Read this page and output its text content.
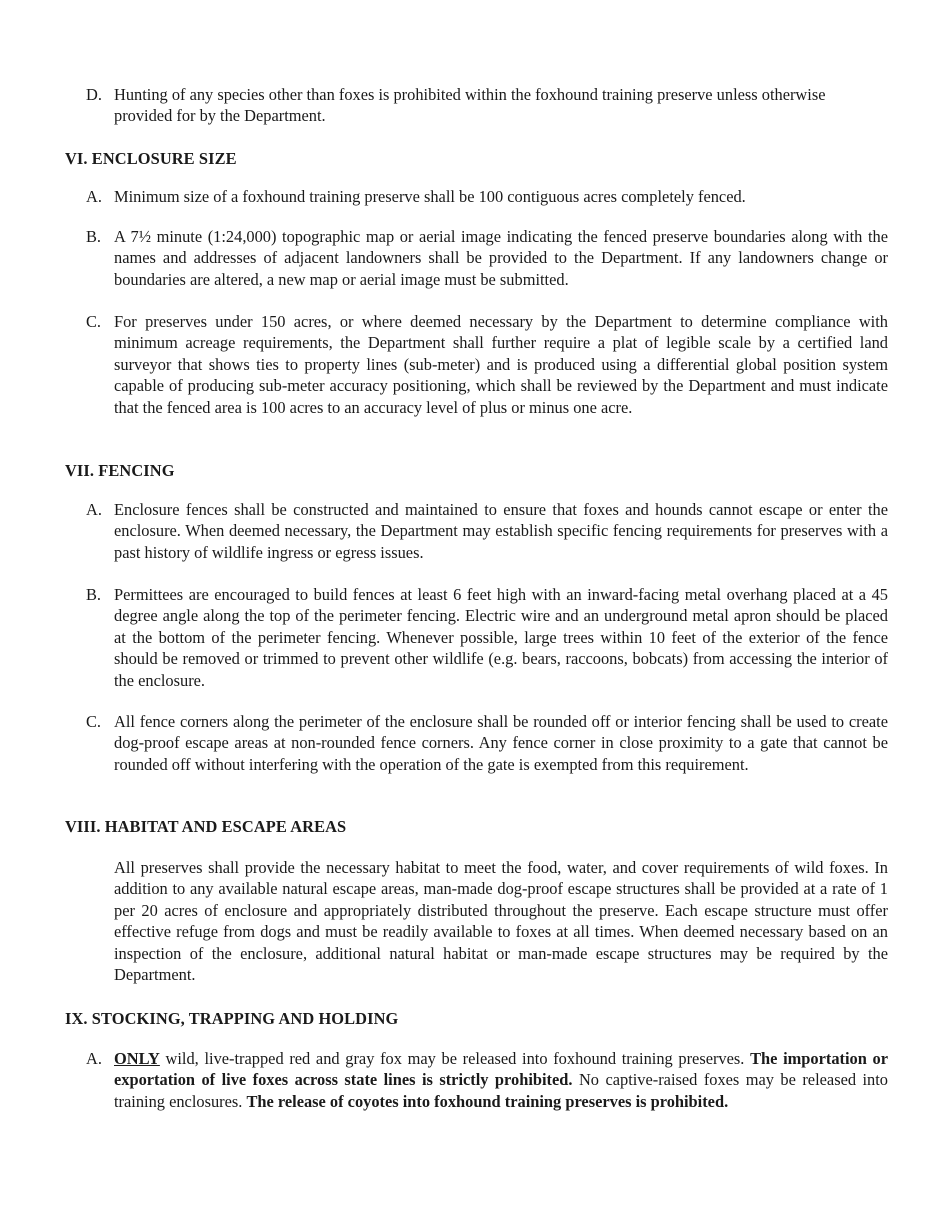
D. Hunting of any species other than foxes is prohibited within the foxhound training preserve unless otherwise provided for by the Department.
VI. ENCLOSURE SIZE
A. Minimum size of a foxhound training preserve shall be 100 contiguous acres completely fenced.
B. A 7½ minute (1:24,000) topographic map or aerial image indicating the fenced preserve boundaries along with the names and addresses of adjacent landowners shall be provided to the Department. If any landowners change or boundaries are altered, a new map or aerial image must be submitted.
C. For preserves under 150 acres, or where deemed necessary by the Department to determine compliance with minimum acreage requirements, the Department shall further require a plat of legible scale by a certified land surveyor that shows ties to property lines (sub-meter) and is produced using a differential global position system capable of producing sub-meter accuracy positioning, which shall be reviewed by the Department and must indicate that the fenced area is 100 acres to an accuracy level of plus or minus one acre.
VII. FENCING
A. Enclosure fences shall be constructed and maintained to ensure that foxes and hounds cannot escape or enter the enclosure. When deemed necessary, the Department may establish specific fencing requirements for preserves with a past history of wildlife ingress or egress issues.
B. Permittees are encouraged to build fences at least 6 feet high with an inward-facing metal overhang placed at a 45 degree angle along the top of the perimeter fencing. Electric wire and an underground metal apron should be placed at the bottom of the perimeter fencing. Whenever possible, large trees within 10 feet of the exterior of the fence should be removed or trimmed to prevent other wildlife (e.g. bears, raccoons, bobcats) from accessing the interior of the enclosure.
C. All fence corners along the perimeter of the enclosure shall be rounded off or interior fencing shall be used to create dog-proof escape areas at non-rounded fence corners. Any fence corner in close proximity to a gate that cannot be rounded off without interfering with the operation of the gate is exempted from this requirement.
VIII. HABITAT AND ESCAPE AREAS
All preserves shall provide the necessary habitat to meet the food, water, and cover requirements of wild foxes. In addition to any available natural escape areas, man-made dog-proof escape structures shall be provided at a rate of 1 per 20 acres of enclosure and appropriately distributed throughout the preserve. Each escape structure must offer effective refuge from dogs and must be readily available to foxes at all times. When deemed necessary based on an inspection of the enclosure, additional natural habitat or man-made escape structures may be required by the Department.
IX. STOCKING, TRAPPING AND HOLDING
A. ONLY wild, live-trapped red and gray fox may be released into foxhound training preserves. The importation or exportation of live foxes across state lines is strictly prohibited. No captive-raised foxes may be released into training enclosures. The release of coyotes into foxhound training preserves is prohibited.
